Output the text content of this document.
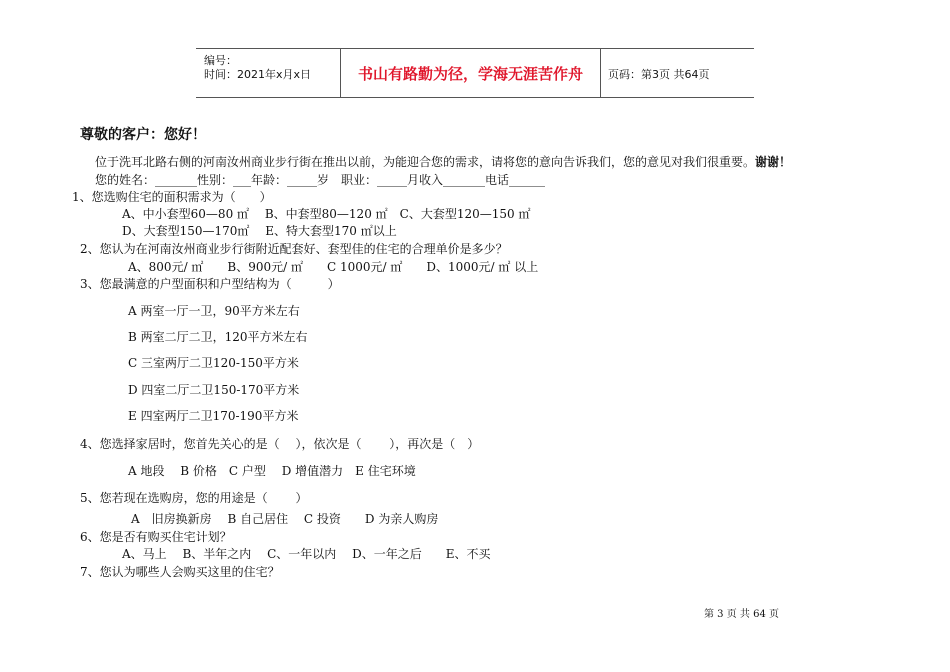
编号：
时间：2021年x月x日	书山有路勤为径，学海无涯苦作舟	页码：第3页 共64页
尊敬的客户：您好！
位于洗耳北路右侧的河南汝州商业步行街在推出以前，为能迎合您的需求，请将您的意向告诉我们，您的意见对我们很重要。谢谢！
您的姓名：_______性别：___年龄：_____岁　职业：_____月收入_______电话______
1、您选购住宅的面积需求为（　　）
A、中小套型60—80 ㎡　 B、中套型80—120 ㎡　C、大套型120—150 ㎡
D、大套型150—170㎡　 E、特大套型170 ㎡以上
2、您认为在河南汝州商业步行街附近配套好、套型佳的住宅的合理单价是多少？
A、800元/ ㎡　　B、900元/ ㎡　　C 1000元/ ㎡　　D、1000元/ ㎡ 以上
3、您最满意的户型面积和户型结构为（　　　）
A 两室一厅一卫，90平方米左右
B 两室二厅二卫，120平方米左右
C 三室两厅二卫120-150平方米
D 四室二厅二卫150-170平方米
E 四室两厅二卫170-190平方米
4、您选择家居时，您首先关心的是（　 ），依次是（　　 ），再次是（　）
A 地段　 B 价格　C 户型　 D 增值潜力　E 住宅环境
5、您若现在选购房，您的用途是（　　 ）
A　旧房换新房　 B 自己居住　 C 投资　　D 为亲人购房
6、您是否有购买住宅计划？
A、马上　 B、半年之内　 C、一年以内　 D、一年之后　　E、不买
7、您认为哪些人会购买这里的住宅？
第 3 页 共 64 页
